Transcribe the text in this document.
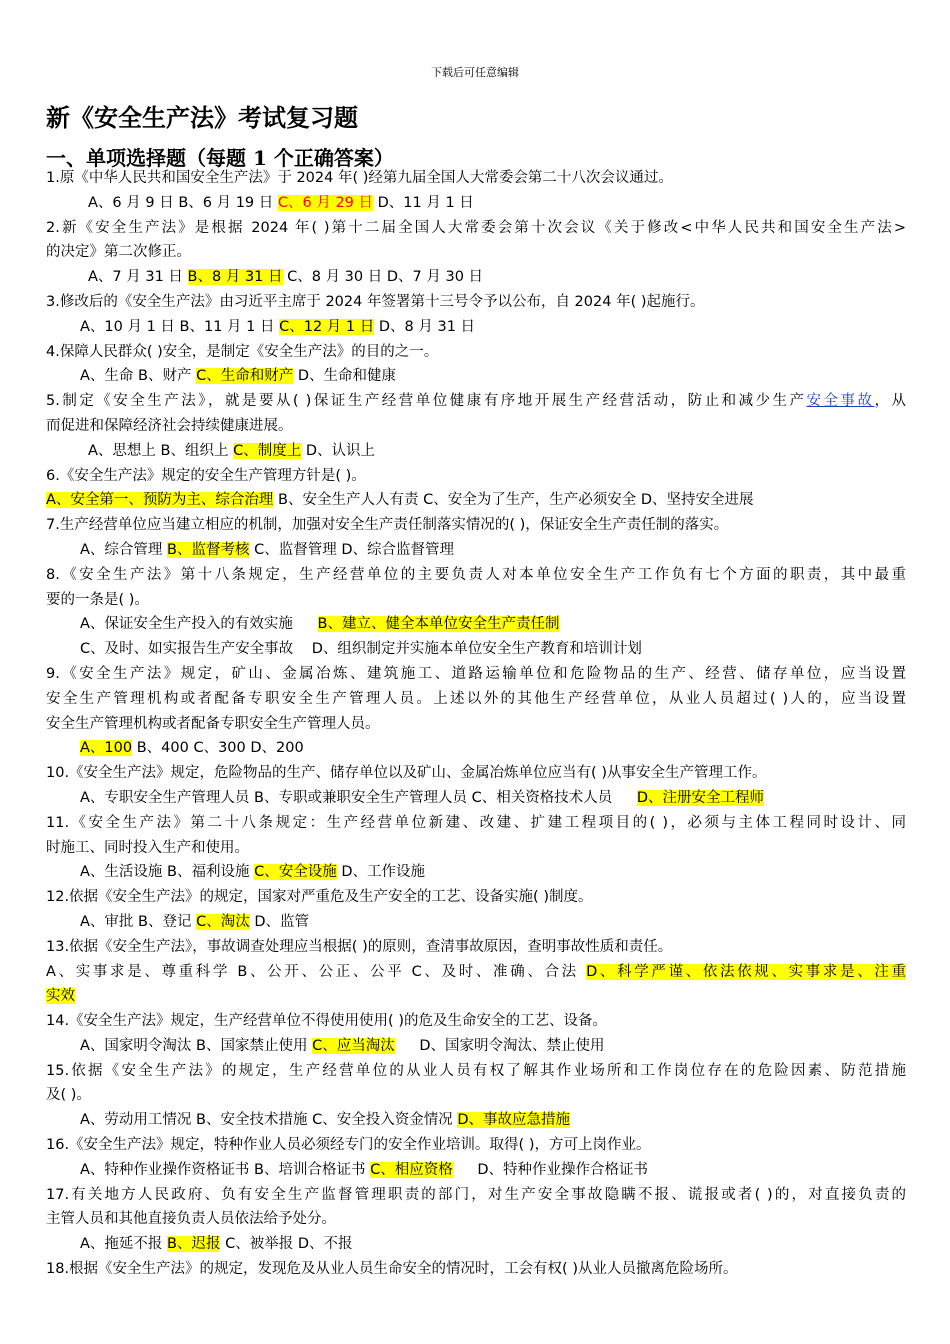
下载后可任意编辑
新《安全生产法》考试复习题
一、单项选择题（每题 1 个正确答案）
1.原《中华人民共和国安全生产法》于 2024 年( )经第九届全国人大常委会第二十八次会议通过。
A、6 月 9 日 B、6 月 19 日 C、6 月 29 日 D、11 月 1 日
2.新《安全生产法》是根据 2024 年( )第十二届全国人大常委会第十次会议《关于修改<中华人民共和国安全生产法>
的决定》第二次修正。
A、7 月 31 日 B、8 月 31 日 C、8 月 30 日 D、7 月 30 日
3.修改后的《安全生产法》由习近平主席于 2024 年签署第十三号令予以公布，自 2024 年( )起施行。
A、10 月 1 日 B、11 月 1 日 C、12 月 1 日 D、8 月 31 日
4.保障人民群众( )安全，是制定《安全生产法》的目的之一。
A、生命 B、财产 C、生命和财产 D、生命和健康
5.制定《安全生产法》，就是要从( )保证生产经营单位健康有序地开展生产经营活动，防止和减少生产安全事故，从
而促进和保障经济社会持续健康进展。
A、思想上 B、组织上 C、制度上 D、认识上
6.《安全生产法》规定的安全生产管理方针是( )。
A、安全第一、预防为主、综合治理 B、安全生产人人有责 C、安全为了生产，生产必须安全 D、坚持安全进展
7.生产经营单位应当建立相应的机制，加强对安全生产责任制落实情况的( )，保证安全生产责任制的落实。
A、综合管理 B、监督考核 C、监督管理 D、综合监督管理
8.《安全生产法》第十八条规定，生产经营单位的主要负责人对本单位安全生产工作负有七个方面的职责，其中最重
要的一条是( )。
A、保证安全生产投入的有效实施 B、建立、健全本单位安全生产责任制
C、及时、如实报告生产安全事故 D、组织制定并实施本单位安全生产教育和培训计划
9.《安全生产法》规定，矿山、金属冶炼、建筑施工、道路运输单位和危险物品的生产、经营、储存单位，应当设置
安全生产管理机构或者配备专职安全生产管理人员。上述以外的其他生产经营单位，从业人员超过( )人的，应当设置
安全生产管理机构或者配备专职安全生产管理人员。
A、100 B、400 C、300 D、200
10.《安全生产法》规定，危险物品的生产、储存单位以及矿山、金属冶炼单位应当有( )从事安全生产管理工作。
A、专职安全生产管理人员 B、专职或兼职安全生产管理人员 C、相关资格技术人员 D、注册安全工程师
11.《安全生产法》第二十八条规定：生产经营单位新建、改建、扩建工程项目的( )，必须与主体工程同时设计、同
时施工、同时投入生产和使用。
A、生活设施 B、福利设施 C、安全设施 D、工作设施
12.依据《安全生产法》的规定，国家对严重危及生产安全的工艺、设备实施( )制度。
A、审批 B、登记 C、淘汰 D、监管
13.依据《安全生产法》，事故调查处理应当根据( )的原则，查清事故原因，查明事故性质和责任。
A、实事求是、尊重科学 B、公开、公正、公平 C、及时、准确、合法 D、科学严谨、依法依规、实事求是、注重
实效
14.《安全生产法》规定，生产经营单位不得使用使用( )的危及生命安全的工艺、设备。
A、国家明令淘汰 B、国家禁止使用 C、应当淘汰 D、国家明令淘汰、禁止使用
15.依据《安全生产法》的规定，生产经营单位的从业人员有权了解其作业场所和工作岗位存在的危险因素、防范措施
及( )。
A、劳动用工情况 B、安全技术措施 C、安全投入资金情况 D、事故应急措施
16.《安全生产法》规定，特种作业人员必须经专门的安全作业培训。取得( )，方可上岗作业。
A、特种作业操作资格证书 B、培训合格证书 C、相应资格 D、特种作业操作合格证书
17.有关地方人民政府、负有安全生产监督管理职责的部门，对生产安全事故隐瞒不报、谎报或者( )的，对直接负责的
主管人员和其他直接负责人员依法给予处分。
A、拖延不报 B、迟报 C、被举报 D、不报
18.根据《安全生产法》的规定，发现危及从业人员生命安全的情况时，工会有权( )从业人员撤离危险场所。
